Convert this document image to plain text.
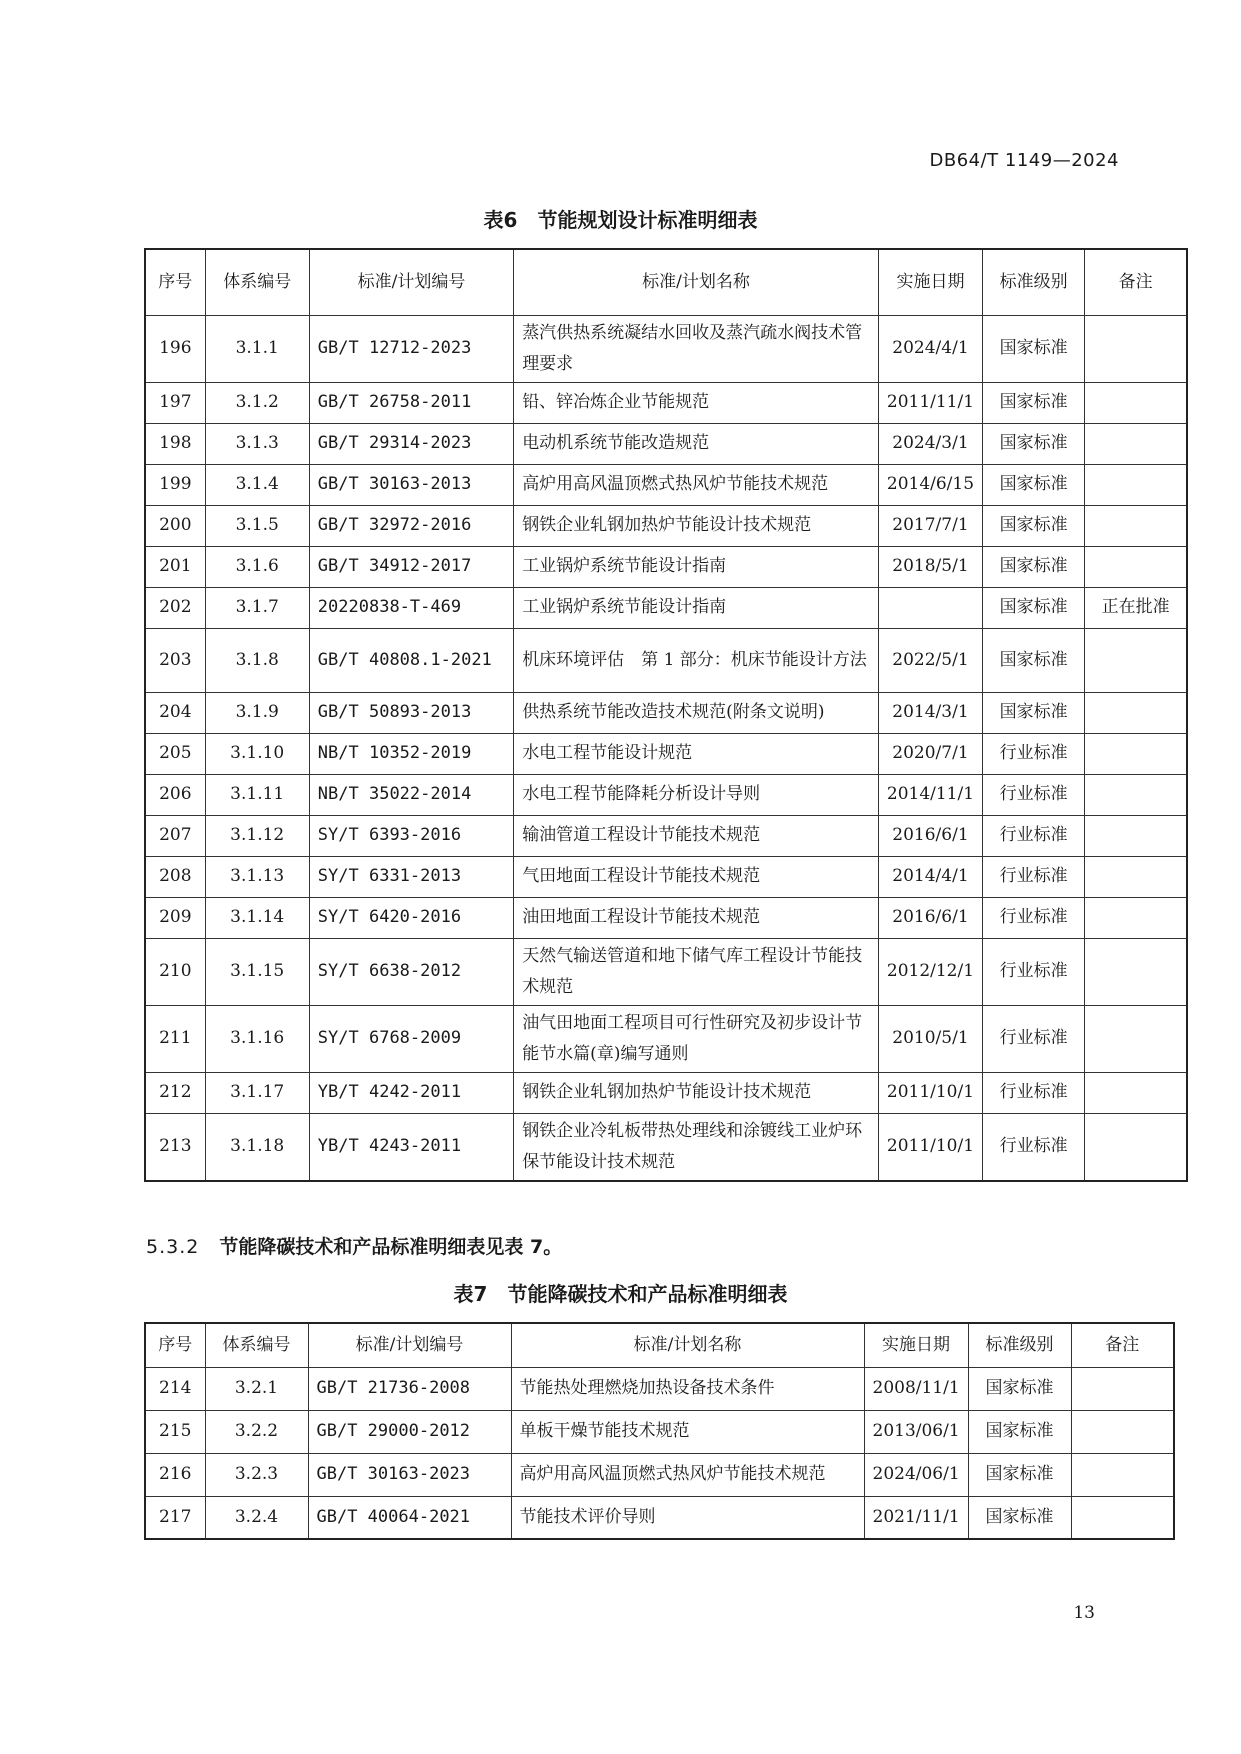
DB64/T 1149—2024
表6　节能规划设计标准明细表
序号	体系编号	标准/计划编号	标准/计划名称	实施日期	标准级别	备注
196	3.1.1	GB/T 12712-2023	蒸汽供热系统凝结水回收及蒸汽疏水阀技术管理要求	2024/4/1	国家标准	
197	3.1.2	GB/T 26758-2011	铅、锌冶炼企业节能规范	2011/11/1	国家标准	
198	3.1.3	GB/T 29314-2023	电动机系统节能改造规范	2024/3/1	国家标准	
199	3.1.4	GB/T 30163-2013	高炉用高风温顶燃式热风炉节能技术规范	2014/6/15	国家标准	
200	3.1.5	GB/T 32972-2016	钢铁企业轧钢加热炉节能设计技术规范	2017/7/1	国家标准	
201	3.1.6	GB/T 34912-2017	工业锅炉系统节能设计指南	2018/5/1	国家标准	
202	3.1.7	20220838-T-469	工业锅炉系统节能设计指南		国家标准	正在批准
203	3.1.8	GB/T 40808.1-2021	机床环境评估　第 1 部分：机床节能设计方法	2022/5/1	国家标准	
204	3.1.9	GB/T 50893-2013	供热系统节能改造技术规范(附条文说明)	2014/3/1	国家标准	
205	3.1.10	NB/T 10352-2019	水电工程节能设计规范	2020/7/1	行业标准	
206	3.1.11	NB/T 35022-2014	水电工程节能降耗分析设计导则	2014/11/1	行业标准	
207	3.1.12	SY/T 6393-2016	输油管道工程设计节能技术规范	2016/6/1	行业标准	
208	3.1.13	SY/T 6331-2013	气田地面工程设计节能技术规范	2014/4/1	行业标准	
209	3.1.14	SY/T 6420-2016	油田地面工程设计节能技术规范	2016/6/1	行业标准	
210	3.1.15	SY/T 6638-2012	天然气输送管道和地下储气库工程设计节能技术规范	2012/12/1	行业标准	
211	3.1.16	SY/T 6768-2009	油气田地面工程项目可行性研究及初步设计节能节水篇(章)编写通则	2010/5/1	行业标准	
212	3.1.17	YB/T 4242-2011	钢铁企业轧钢加热炉节能设计技术规范	2011/10/1	行业标准	
213	3.1.18	YB/T 4243-2011	钢铁企业冷轧板带热处理线和涂镀线工业炉环保节能设计技术规范	2011/10/1	行业标准	
5.3.2 节能降碳技术和产品标准明细表见表 7。
表7　节能降碳技术和产品标准明细表
序号	体系编号	标准/计划编号	标准/计划名称	实施日期	标准级别	备注
214	3.2.1	GB/T 21736-2008	节能热处理燃烧加热设备技术条件	2008/11/1	国家标准	
215	3.2.2	GB/T 29000-2012	单板干燥节能技术规范	2013/06/1	国家标准	
216	3.2.3	GB/T 30163-2023	高炉用高风温顶燃式热风炉节能技术规范	2024/06/1	国家标准	
217	3.2.4	GB/T 40064-2021	节能技术评价导则	2021/11/1	国家标准	
13
